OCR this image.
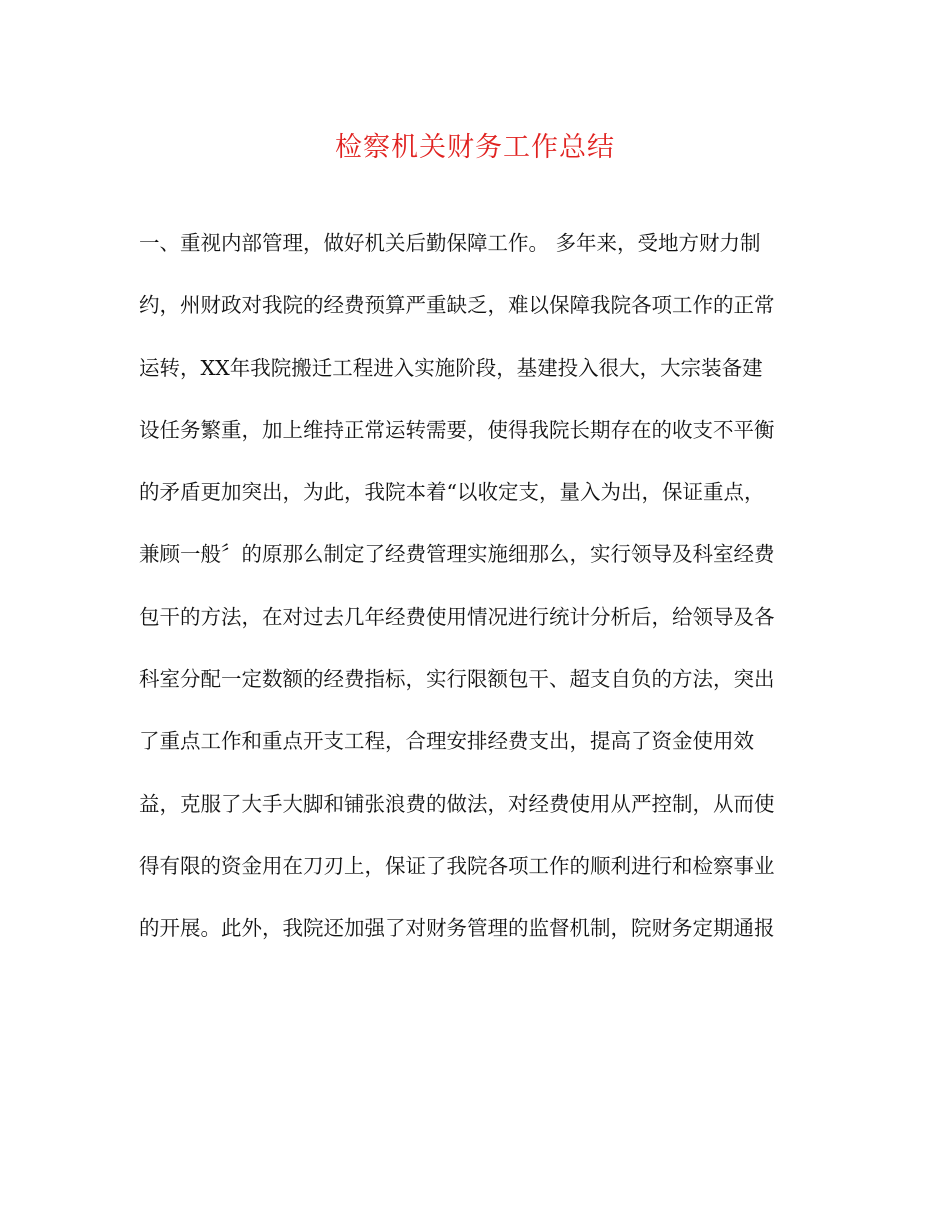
检察机关财务工作总结
一、重视内部管理，做好机关后勤保障工作。 多年来，受地方财力制
约，州财政对我院的经费预算严重缺乏，难以保障我院各项工作的正常
运转，XX年我院搬迁工程进入实施阶段，基建投入很大，大宗装备建
设任务繁重，加上维持正常运转需要，使得我院长期存在的收支不平衡
的矛盾更加突出，为此，我院本着“以收定支，量入为出，保证重点，
兼顾一般〞的原那么制定了经费管理实施细那么，实行领导及科室经费
包干的方法，在对过去几年经费使用情况进行统计分析后，给领导及各
科室分配一定数额的经费指标，实行限额包干、超支自负的方法，突出
了重点工作和重点开支工程，合理安排经费支出，提高了资金使用效
益，克服了大手大脚和铺张浪费的做法，对经费使用从严控制，从而使
得有限的资金用在刀刃上，保证了我院各项工作的顺利进行和检察事业
的开展。此外，我院还加强了对财务管理的监督机制，院财务定期通报
